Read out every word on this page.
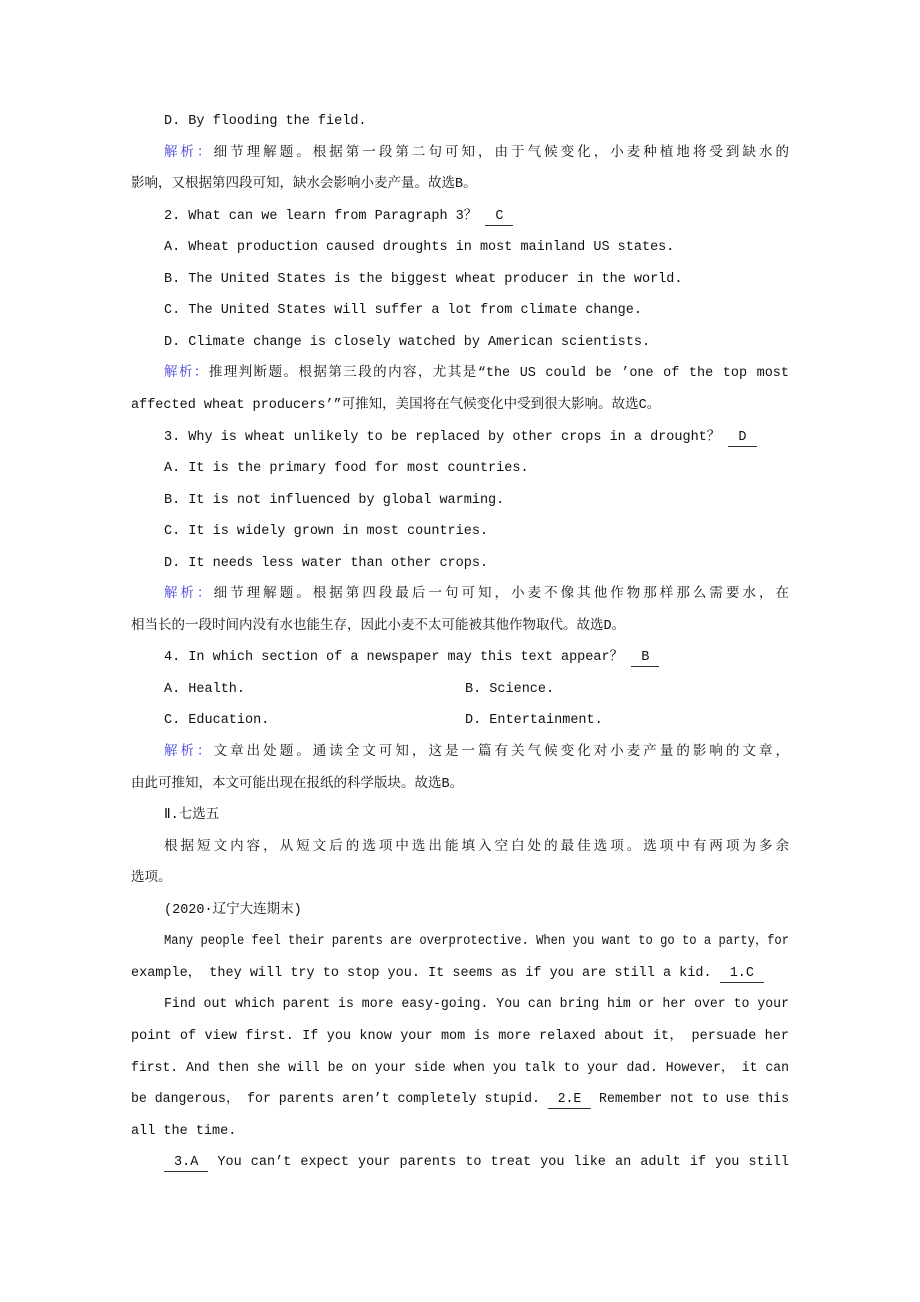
D. By flooding the field.
解析：细节理解题。根据第一段第二句可知，由于气候变化，小麦种植地将受到缺水的
影响，又根据第四段可知，缺水会影响小麦产量。故选B。
2. What can we learn from Paragraph 3？ C
A. Wheat production caused droughts in most mainland US states.
B. The United States is the biggest wheat producer in the world.
C. The United States will suffer a lot from climate change.
D. Climate change is closely watched by American scientists.
解析：推理判断题。根据第三段的内容，尤其是“the US could be ’one of the top most
affected wheat producers’”可推知，美国将在气候变化中受到很大影响。故选C。
3. Why is wheat unlikely to be replaced by other crops in a drought？ D
A. It is the primary food for most countries.
B. It is not influenced by global warming.
C. It is widely grown in most countries.
D. It needs less water than other crops.
解析：细节理解题。根据第四段最后一句可知，小麦不像其他作物那样那么需要水，在
相当长的一段时间内没有水也能生存，因此小麦不太可能被其他作物取代。故选D。
4. In which section of a newspaper may this text appear？ B
A. Health.	B. Science.
C. Education.	D. Entertainment.
解析：文章出处题。通读全文可知，这是一篇有关气候变化对小麦产量的影响的文章，
由此可推知，本文可能出现在报纸的科学版块。故选B。
Ⅱ.七选五
根据短文内容，从短文后的选项中选出能填入空白处的最佳选项。选项中有两项为多余
选项。
(2020·辽宁大连期末)
Many people feel their parents are overprotective. When you want to go to a party，for
example， they will try to stop you. It seems as if you are still a kid. 1.C
Find out which parent is more easy-going. You can bring him or her over to your
point of view first. If you know your mom is more relaxed about it， persuade her
first. And then she will be on your side when you talk to your dad. However， it can
be dangerous， for parents aren’t completely stupid. 2.E Remember not to use this
all the time.
3.A You can’t expect your parents to treat you like an adult if you still
